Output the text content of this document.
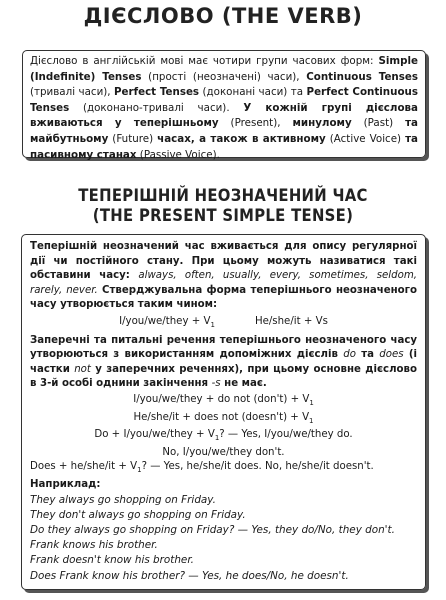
ДІЄСЛОВО (THE VERB)

Дієслово в англійській мові має чотири групи часових форм: Simple (Indefinite) Tenses (прості (неозначені) часи), Continuous Tenses (тривалі часи), Perfect Tenses (доконані часи) та Perfect Continuous Tenses (доконано-тривалі часи). У кожній групі дієслова вживаються у теперішньому (Present), минулому (Past) та майбутньому (Future) часах, а також в активному (Active Voice) та пасивному станах (Passive Voice).

ТЕПЕРІШНІЙ НЕОЗНАЧЕНИЙ ЧАС
(THE PRESENT SIMPLE TENSE)

Теперішній неозначений час вживається для опису регулярної дії чи постійного стану. При цьому можуть називатися такі обставини часу: always, often, usually, every, sometimes, seldom, rarely, never. Стверджувальна форма теперішнього неозначеного часу утворюється таким чином:

I/you/we/they + $V_1$	He/she/it + Vs

Заперечні та питальні речення теперішнього неозначеного часу утворюються з використанням допоміжних дієслів do та does (і частки not у заперечних реченнях), при цьому основне дієслово в 3-й особі однини закінчення -s не має.

I/you/we/they + do not $(don't) + V_1$

He/she/it + does not (doesn't) + $V_1$

Do + I/you/we/they + $V_1$? — Yes, I/you/we/they do.

No, I/you/we/they don't.

Does + $he/she/it + V_1$? — Yes, he/she/it does. No, he/she/it doesn't.

Наприклад:

They always go shopping on Friday.

They don't always go shopping on Friday.

Do they always go shopping on Friday? — Yes, they do/No, they don't.

Frank knows his brother.

Frank doesn't know his brother.

Does Frank know his brother? — Yes, he does/No, he doesn't.
